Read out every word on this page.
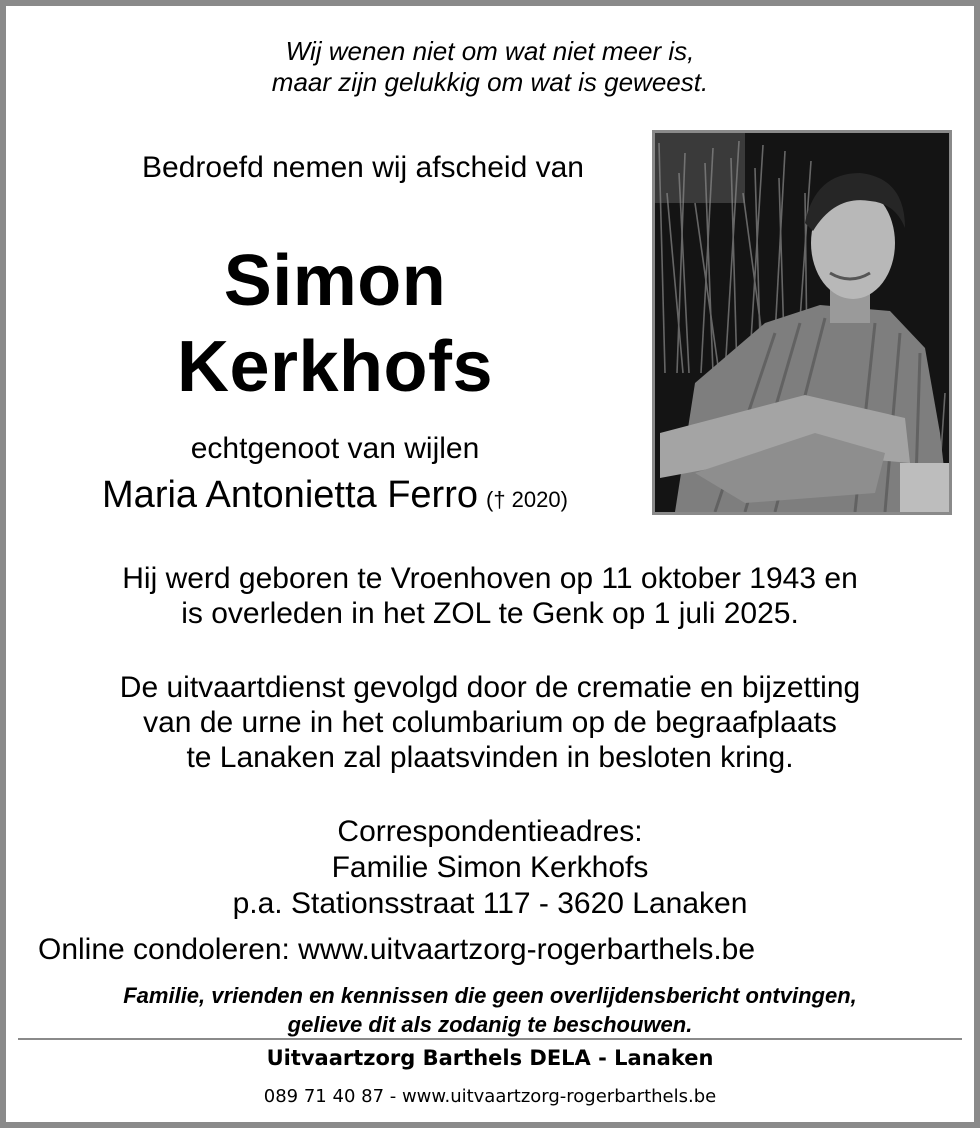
Wij wenen niet om wat niet meer is,
maar zijn gelukkig om wat is geweest.
Bedroefd nemen wij afscheid van
Simon
Kerkhofs
echtgenoot van wijlen
Maria Antonietta Ferro († 2020)
Hij werd geboren te Vroenhoven op 11 oktober 1943 en
is overleden in het ZOL te Genk op 1 juli 2025.
De uitvaartdienst gevolgd door de crematie en bijzetting
van de urne in het columbarium op de begraafplaats
te Lanaken zal plaatsvinden in besloten kring.
Correspondentieadres:
Familie Simon Kerkhofs
p.a. Stationsstraat 117 - 3620 Lanaken
Online condoleren: www.uitvaartzorg-rogerbarthels.be
Familie, vrienden en kennissen die geen overlijdensbericht ontvingen,
gelieve dit als zodanig te beschouwen.
Uitvaartzorg Barthels DELA - Lanaken
089 71 40 87 - www.uitvaartzorg-rogerbarthels.be
